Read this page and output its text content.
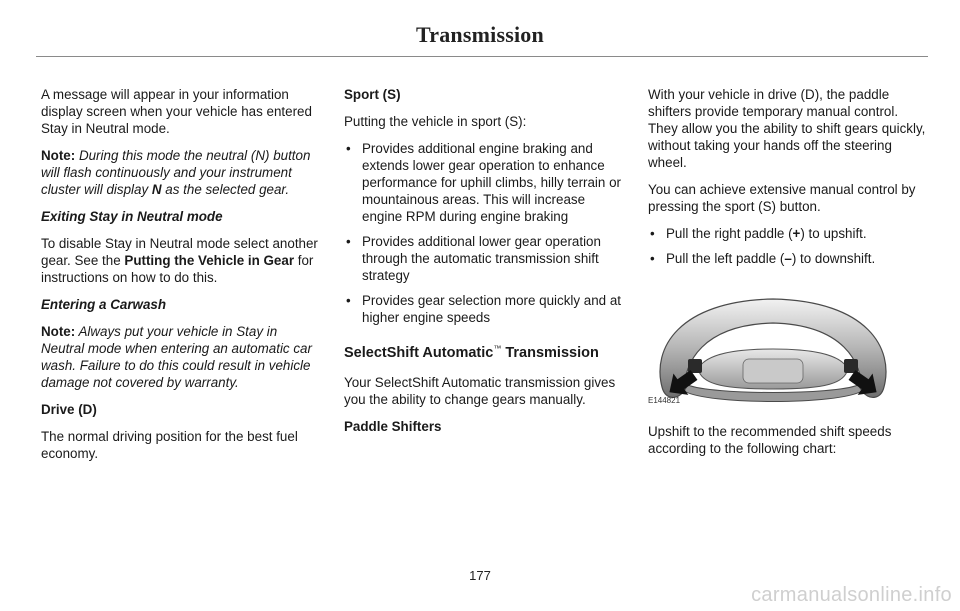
Transmission

A message will appear in your information display screen when your vehicle has entered Stay in Neutral mode.

Note: During this mode the neutral (N) button will flash continuously and your instrument cluster will display N as the selected gear.

Exiting Stay in Neutral mode

To disable Stay in Neutral mode select another gear. See the Putting the Vehicle in Gear for instructions on how to do this.

Entering a Carwash

Note: Always put your vehicle in Stay in Neutral mode when entering an automatic car wash. Failure to do this could result in vehicle damage not covered by warranty.

Drive (D)

The normal driving position for the best fuel economy.

Sport (S)

Putting the vehicle in sport (S):

• Provides additional engine braking and extends lower gear operation to enhance performance for uphill climbs, hilly terrain or mountainous areas. This will increase engine RPM during engine braking
• Provides additional lower gear operation through the automatic transmission shift strategy
• Provides gear selection more quickly and at higher engine speeds
SelectShift Automatic™ Transmission

Your SelectShift Automatic transmission gives you the ability to change gears manually.

Paddle Shifters

With your vehicle in drive (D), the paddle shifters provide temporary manual control. They allow you the ability to shift gears quickly, without taking your hands off the steering wheel.

You can achieve extensive manual control by pressing the sport (S) button.

• Pull the right paddle (+) to upshift.
• Pull the left paddle (–) to downshift.
E144821

Upshift to the recommended shift speeds according to the following chart:

177
carmanualsonline.info
